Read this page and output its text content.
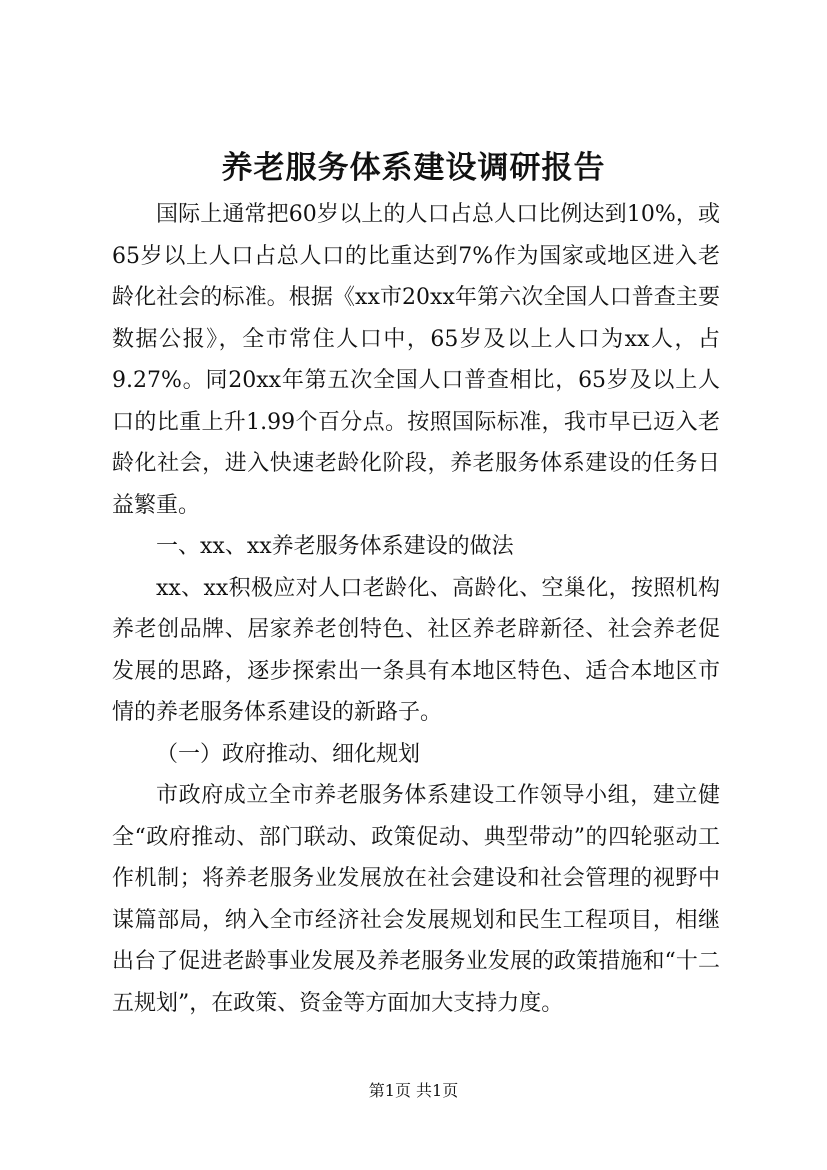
养老服务体系建设调研报告

国际上通常把60岁以上的人口占总人口比例达到10%，或65岁以上人口占总人口的比重达到7%作为国家或地区进入老龄化社会的标准。根据《xx市20xx年第六次全国人口普查主要数据公报》，全市常住人口中，65岁及以上人口为xx人，占9.27%。同20xx年第五次全国人口普查相比，65岁及以上人口的比重上升1.99个百分点。按照国际标准，我市早已迈入老龄化社会，进入快速老龄化阶段，养老服务体系建设的任务日益繁重。

一、xx、xx养老服务体系建设的做法

xx、xx积极应对人口老龄化、高龄化、空巢化，按照机构养老创品牌、居家养老创特色、社区养老辟新径、社会养老促发展的思路，逐步探索出一条具有本地区特色、适合本地区市情的养老服务体系建设的新路子。

（一）政府推动、细化规划

市政府成立全市养老服务体系建设工作领导小组，建立健全“政府推动、部门联动、政策促动、典型带动”的四轮驱动工作机制；将养老服务业发展放在社会建设和社会管理的视野中谋篇部局，纳入全市经济社会发展规划和民生工程项目，相继出台了促进老龄事业发展及养老服务业发展的政策措施和“十二五规划”，在政策、资金等方面加大支持力度。

第1页 共1页
